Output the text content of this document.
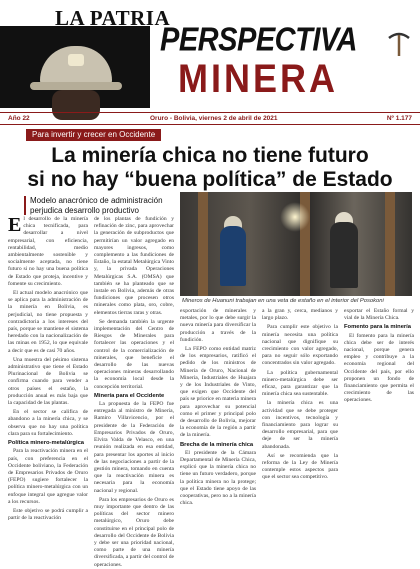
LA PATRIA
PERSPECTIVA
MINERA
Año 22	Oruro - Bolivia, viernes 2 de abril de 2021	Nº 1.177
Para invertir y crecer en Occidente
La minería chica no tiene futuro
si no hay “buena política” de Estado
Modelo anacrónico de administración perjudica desarrollo productivo
Mineros de Huanuni trabajan en una veta de estaño en el interior del Posokoni

El desarrollo de la minería chica tecnificada, para desarrollar a nivel empresarial, con eficiencia, rentabilidad, medio ambientalmente sostenible y socialmente aceptada, no tiene futuro si no hay una buena política de Estado que proteja, incentive y fomente su crecimiento.

El actual modelo anacrónico que se aplica para la administración de la minería en Bolivia, es perjudicial, no tiene propuesta y contradictoria a los intereses del país, porque se mantiene el sistema heredado con la nacionalización de las minas en 1952, lo que equivale a decir que es de casi 70 años.

Una muestra del pésimo sistema administrativo que tiene el Estado Plurinacional de Bolivia se confirma cuando para vender a otros países el estaño, la producción anual es más baja que la capacidad de las plantas.

En el sector se califica de abandono a la minería chica, y se observa que no hay una política clara para su fortalecimiento.

Política minero-metalúrgica

Para la reactivación minera en el país, con preferencia en el Occidente boliviano, la Federación de Empresarios Privados de Oruro (FEPO) sugiere fortalecer la política minero-metalúrgica con un enfoque integral que agregue valor a los recursos.

Este objetivo se podrá cumplir a partir de la reactivación

de los plantas de fundición y refinación de zinc, para aprovechar la generación de subproductos que permitirían un valor agregado en mayores ingresos, como complemento a las fundiciones de Estaño, la estatal Metalúrgica Vinto y, la privada Operaciones Metalúrgicas S.A. (OMSA) que también se ha planteado que se instale en Bolivia, además de otras fundiciones que procesen otros minerales como plata, oro, cobre, elementos tierras raras y otras.

Se demanda también la urgente implementación del Centro de Riesgos de Minerales para fortalecer las operaciones y el control de la comercialización de minerales, que beneficie el desarrollo de las nuevas operaciones mineras desarrollando la economía local desde la concepción territorial.

Minería para el Occidente

La propuesta de la FEPO fue entregada al ministro de Minería, Ramiro Villavicencio, por el presidente de la Federación de Empresarios Privados de Oruro, Elvira Valda de Velasco, en una reunión realizada en esa entidad, para presentar los aportes al inicio de las negociaciones a partir de la gestión minera, tomando en cuenta que la reactivación minera es necesaria para la economía nacional y regional.

Para los empresarios de Oruro es muy importante que dentro de las políticas del sector minero metalúrgico, Oruro debe constituirse en el principal polo de desarrollo del Occidente de Bolivia y debe ser una prioridad nacional, como parte de una minería diversificada, a partir del control de operaciones.

exportación de minerales y metales, por lo que debe surgir la nueva minería para diversificar la producción a través de la fundición.

La FEPO como entidad matriz de los empresarios, ratificó el pedido de los ministros de Minería de Oruro, Nacional de Minería, Industriales de Huajara y de los Industriales de Vinto, que exigen que Occidente del país se priorice en materia minera para aprovechar su potencial como el primer y principal polo de desarrollo de Bolivia, mejorar la economía de la región a partir de la minería.

Brecha de la minería chica

El presidente de la Cámara Departamental de Minería Chica, explicó que la minería chica no tiene un futuro verdadero, porque la política minera no la protege; que el Estado tiene apoyo de las cooperativas, pero no a la minería chica.

a la gran y, cerca, medianos y largo plazo.

Para cumplir este objetivo la minería necesita una política nacional que dignifique su crecimiento con valor agregado, para no seguir sólo exportando concentrados sin valor agregado.

La política gubernamental minero-metalúrgica debe ser eficaz, para garantizar que la minería chica sea sustentable.

la minería chica es una actividad que se debe proteger con incentivos, tecnología y financiamiento para lograr su desarrollo empresarial, para que deje de ser la minería abandonada.

Así se recomienda que la reforma de la Ley de Minería contemple estos aspectos para que el sector sea competitivo.

exportar el Estaño formal y vial de la Minería Chica.

Fomento para la minería

El fomento para la minería chica debe ser de interés nacional, porque genera empleo y contribuye a la economía regional del Occidente del país, por ello proponen un fondo de financiamiento que permita el crecimiento de las operaciones.
